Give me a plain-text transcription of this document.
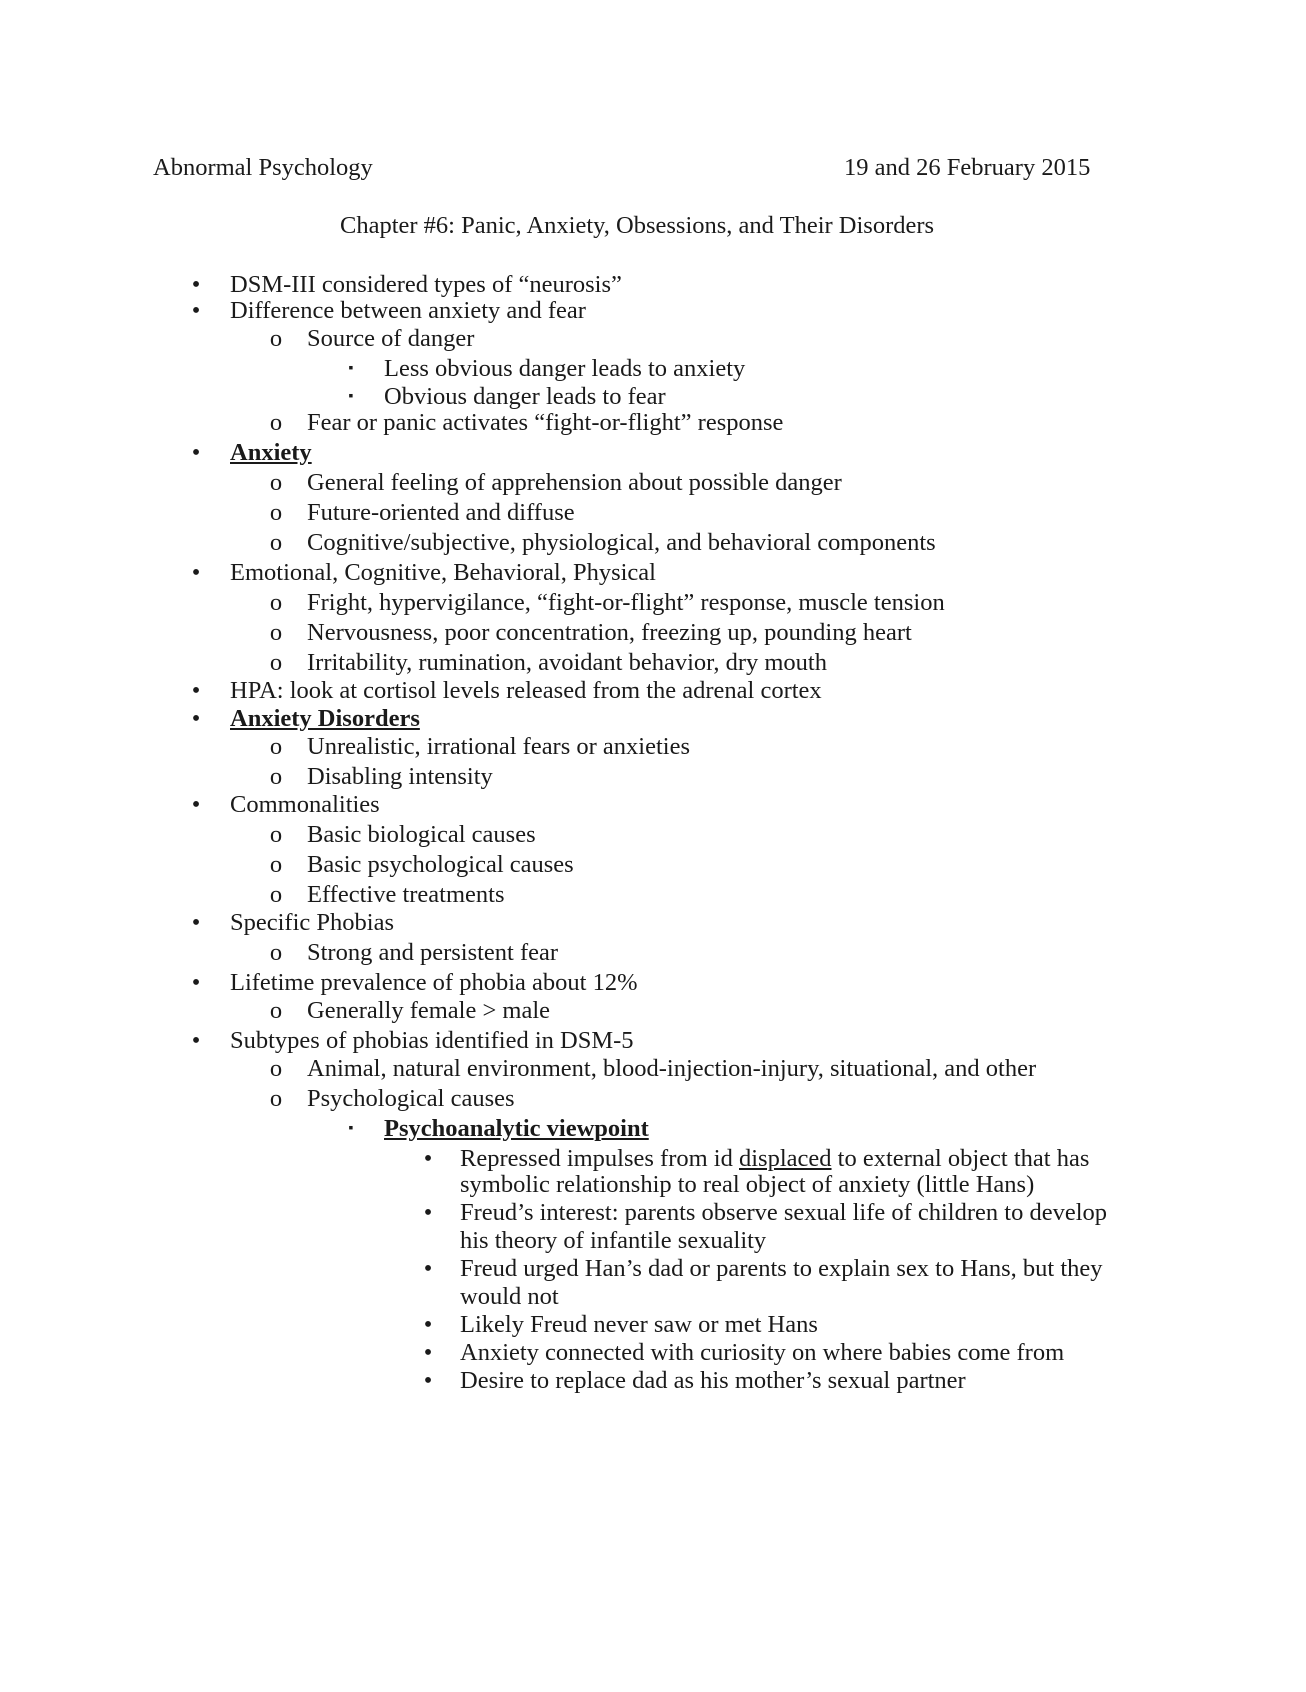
Abnormal Psychology	19 and 26 February 2015
Chapter #6: Panic, Anxiety, Obsessions, and Their Disorders
• DSM-III considered types of “neurosis”
• Difference between anxiety and fear
o Source of danger
▪	Less obvious danger leads to anxiety
▪	Obvious danger leads to fear
o Fear or panic activates “fight-or-flight” response
• Anxiety
o General feeling of apprehension about possible danger
o Future-oriented and diffuse
o Cognitive/subjective, physiological, and behavioral components
• Emotional, Cognitive, Behavioral, Physical
o Fright, hypervigilance, “fight-or-flight” response, muscle tension
o Nervousness, poor concentration, freezing up, pounding heart
o Irritability, rumination, avoidant behavior, dry mouth
• HPA: look at cortisol levels released from the adrenal cortex
• Anxiety Disorders
o Unrealistic, irrational fears or anxieties
o Disabling intensity
• Commonalities
o Basic biological causes
o Basic psychological causes
o Effective treatments
• Specific Phobias
o Strong and persistent fear
• Lifetime prevalence of phobia about 12%
o Generally female > male
• Subtypes of phobias identified in DSM-5
o Animal, natural environment, blood-injection-injury, situational, and other
o Psychological causes
▪	Psychoanalytic viewpoint
• Repressed impulses from id displaced to external object that has
symbolic relationship to real object of anxiety (little Hans)
• Freud’s interest: parents observe sexual life of children to develop
his theory of infantile sexuality
• Freud urged Han’s dad or parents to explain sex to Hans, but they
would not
• Likely Freud never saw or met Hans
• Anxiety connected with curiosity on where babies come from
• Desire to replace dad as his mother’s sexual partner
